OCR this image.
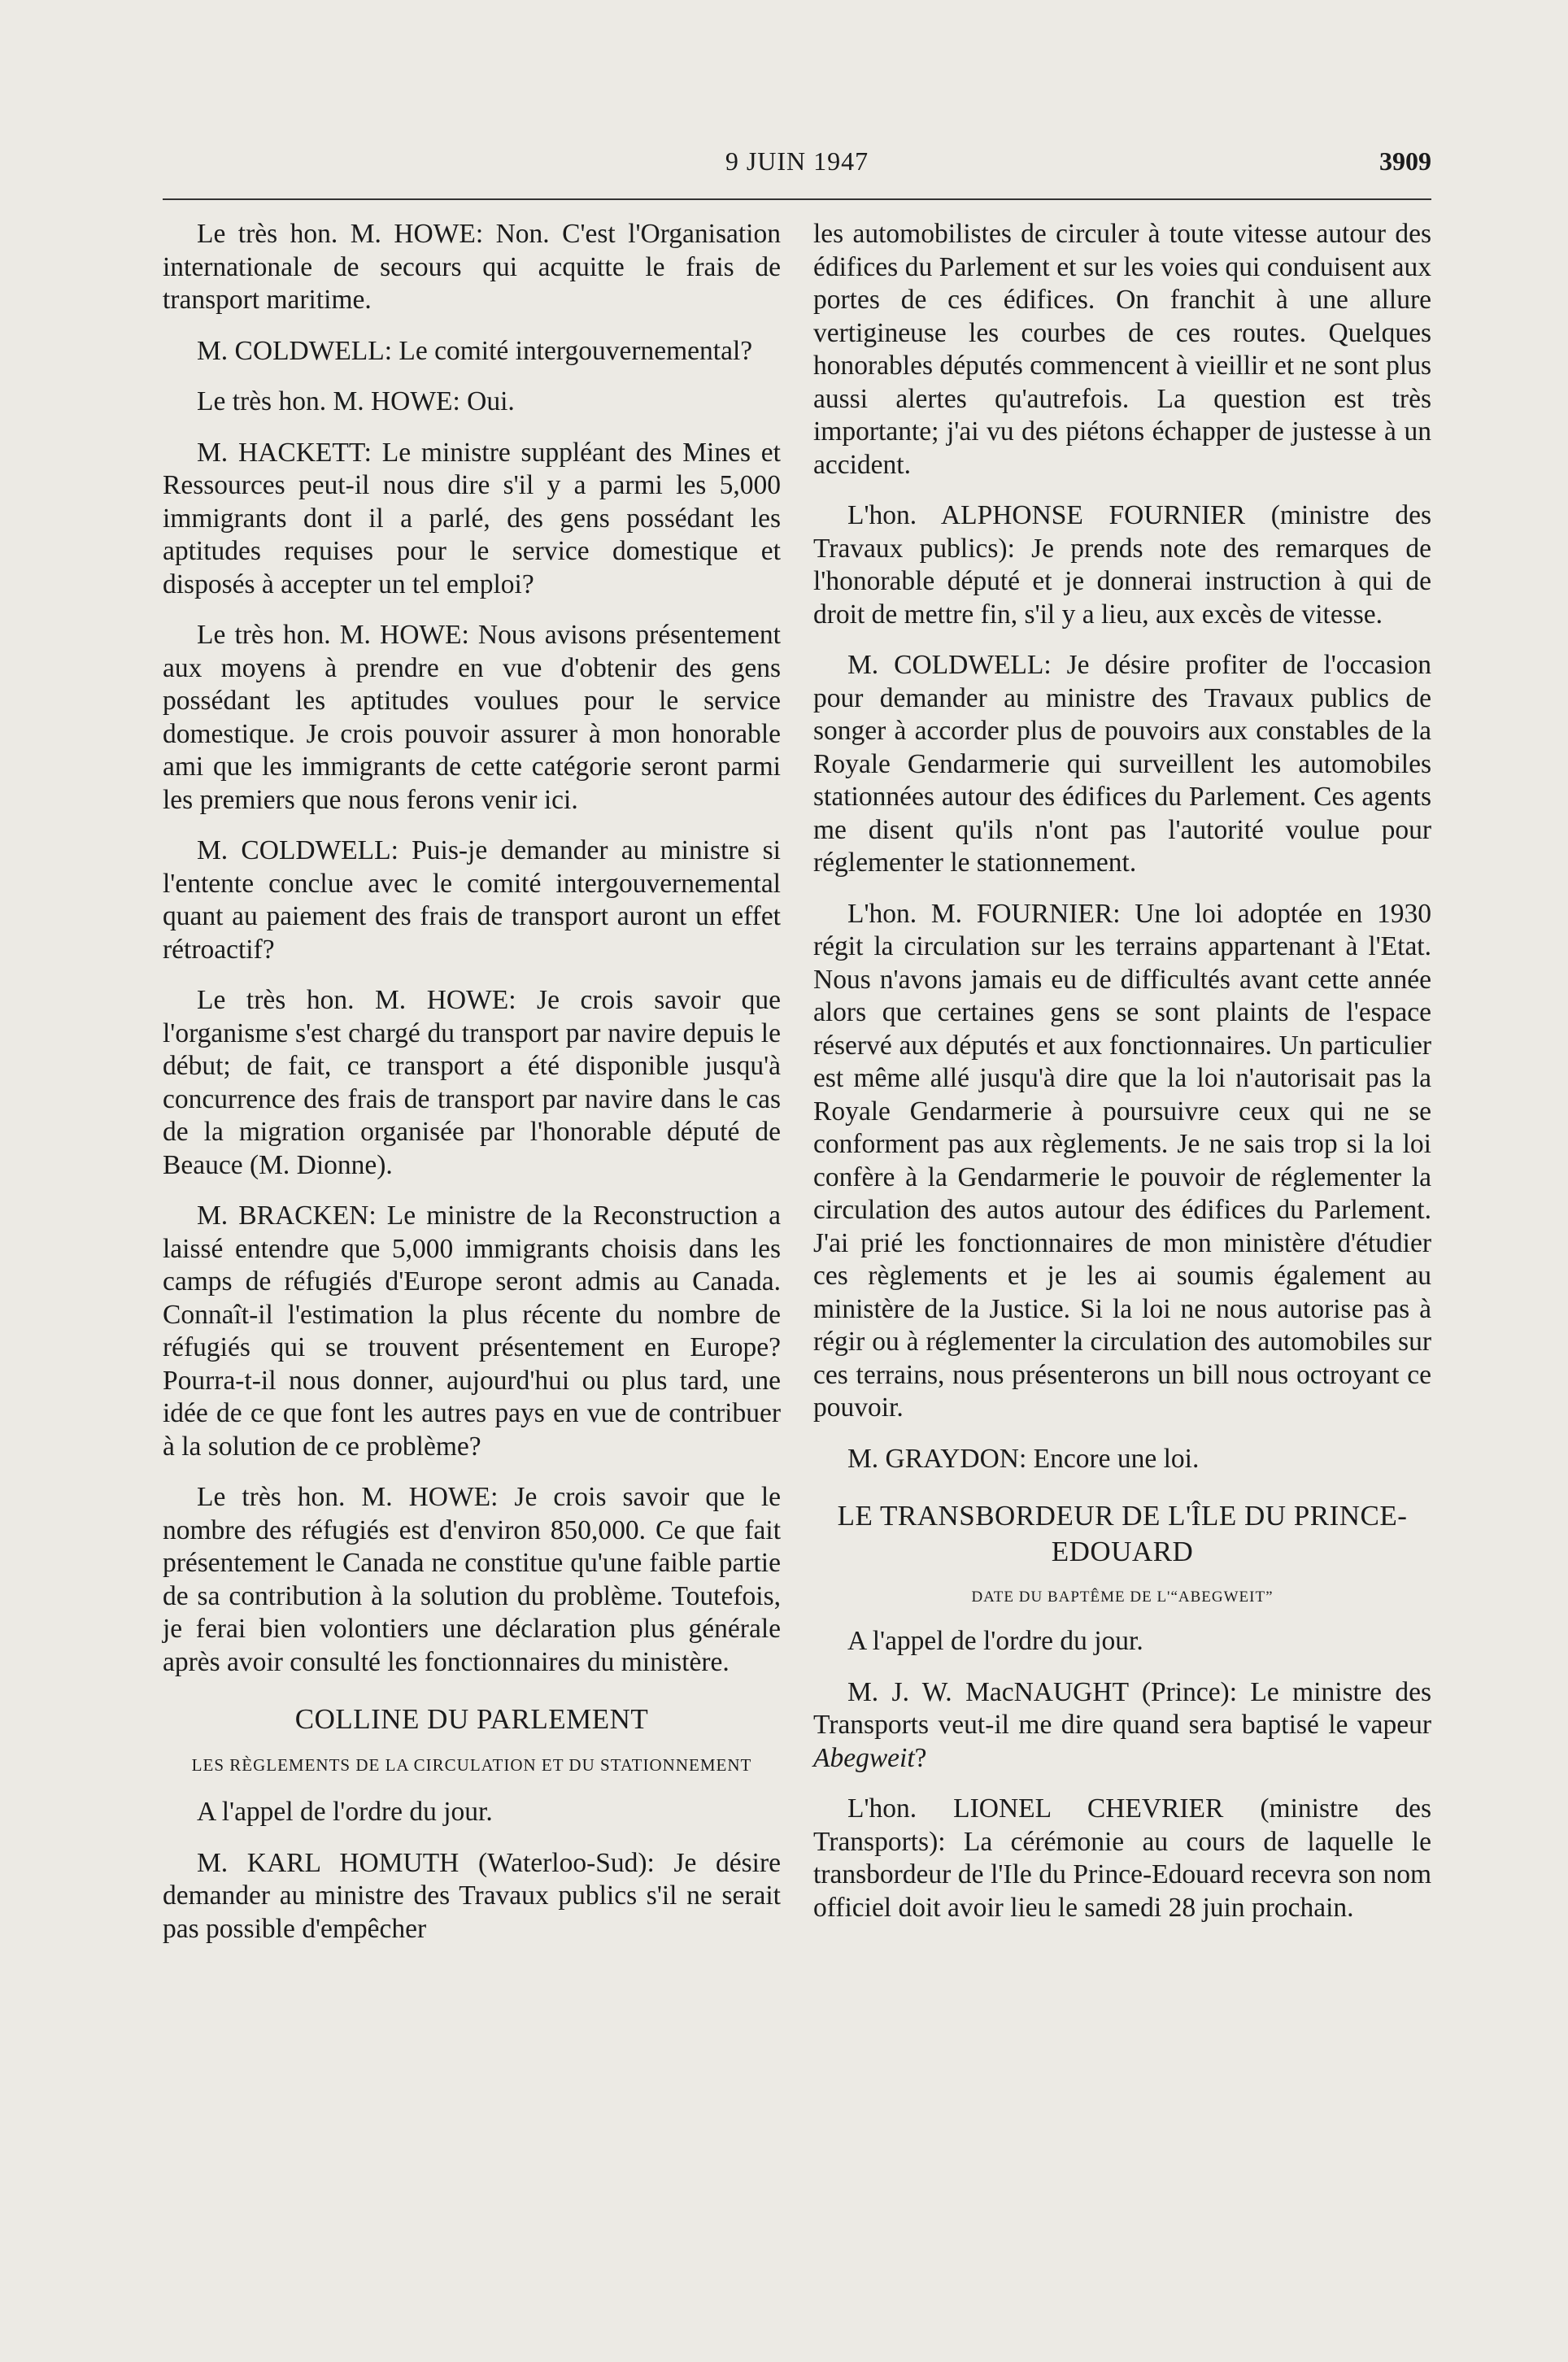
9 JUIN 1947	3909

Le très hon. M. HOWE: Non. C'est l'Organisation internationale de secours qui acquitte le frais de transport maritime.

M. COLDWELL: Le comité intergouvernemental?

Le très hon. M. HOWE: Oui.

M. HACKETT: Le ministre suppléant des Mines et Ressources peut-il nous dire s'il y a parmi les 5,000 immigrants dont il a parlé, des gens possédant les aptitudes requises pour le service domestique et disposés à accepter un tel emploi?

Le très hon. M. HOWE: Nous avisons présentement aux moyens à prendre en vue d'obtenir des gens possédant les aptitudes voulues pour le service domestique. Je crois pouvoir assurer à mon honorable ami que les immigrants de cette catégorie seront parmi les premiers que nous ferons venir ici.

M. COLDWELL: Puis-je demander au ministre si l'entente conclue avec le comité intergouvernemental quant au paiement des frais de transport auront un effet rétroactif?

Le très hon. M. HOWE: Je crois savoir que l'organisme s'est chargé du transport par navire depuis le début; de fait, ce transport a été disponible jusqu'à concurrence des frais de transport par navire dans le cas de la migration organisée par l'honorable député de Beauce (M. Dionne).

M. BRACKEN: Le ministre de la Reconstruction a laissé entendre que 5,000 immigrants choisis dans les camps de réfugiés d'Europe seront admis au Canada. Connaît-il l'estimation la plus récente du nombre de réfugiés qui se trouvent présentement en Europe? Pourra-t-il nous donner, aujourd'hui ou plus tard, une idée de ce que font les autres pays en vue de contribuer à la solution de ce problème?

Le très hon. M. HOWE: Je crois savoir que le nombre des réfugiés est d'environ 850,000. Ce que fait présentement le Canada ne constitue qu'une faible partie de sa contribution à la solution du problème. Toutefois, je ferai bien volontiers une déclaration plus générale après avoir consulté les fonctionnaires du ministère.

COLLINE DU PARLEMENT
LES RÈGLEMENTS DE LA CIRCULATION ET DU STATIONNEMENT

A l'appel de l'ordre du jour.

M. KARL HOMUTH (Waterloo-Sud): Je désire demander au ministre des Travaux publics s'il ne serait pas possible d'empêcher

les automobilistes de circuler à toute vitesse autour des édifices du Parlement et sur les voies qui conduisent aux portes de ces édifices. On franchit à une allure vertigineuse les courbes de ces routes. Quelques honorables députés commencent à vieillir et ne sont plus aussi alertes qu'autrefois. La question est très importante; j'ai vu des piétons échapper de justesse à un accident.

L'hon. ALPHONSE FOURNIER (ministre des Travaux publics): Je prends note des remarques de l'honorable député et je donnerai instruction à qui de droit de mettre fin, s'il y a lieu, aux excès de vitesse.

M. COLDWELL: Je désire profiter de l'occasion pour demander au ministre des Travaux publics de songer à accorder plus de pouvoirs aux constables de la Royale Gendarmerie qui surveillent les automobiles stationnées autour des édifices du Parlement. Ces agents me disent qu'ils n'ont pas l'autorité voulue pour réglementer le stationnement.

L'hon. M. FOURNIER: Une loi adoptée en 1930 régit la circulation sur les terrains appartenant à l'Etat. Nous n'avons jamais eu de difficultés avant cette année alors que certaines gens se sont plaints de l'espace réservé aux députés et aux fonctionnaires. Un particulier est même allé jusqu'à dire que la loi n'autorisait pas la Royale Gendarmerie à poursuivre ceux qui ne se conforment pas aux règlements. Je ne sais trop si la loi confère à la Gendarmerie le pouvoir de réglementer la circulation des autos autour des édifices du Parlement. J'ai prié les fonctionnaires de mon ministère d'étudier ces règlements et je les ai soumis également au ministère de la Justice. Si la loi ne nous autorise pas à régir ou à réglementer la circulation des automobiles sur ces terrains, nous présenterons un bill nous octroyant ce pouvoir.

M. GRAYDON: Encore une loi.

LE TRANSBORDEUR DE L'ÎLE DU PRINCE-EDOUARD
DATE DU BAPTÊME DE L'“ABEGWEIT”

A l'appel de l'ordre du jour.

M. J. W. MacNAUGHT (Prince): Le ministre des Transports veut-il me dire quand sera baptisé le vapeur Abegweit?

L'hon. LIONEL CHEVRIER (ministre des Transports): La cérémonie au cours de laquelle le transbordeur de l'Ile du Prince-Edouard recevra son nom officiel doit avoir lieu le samedi 28 juin prochain.
